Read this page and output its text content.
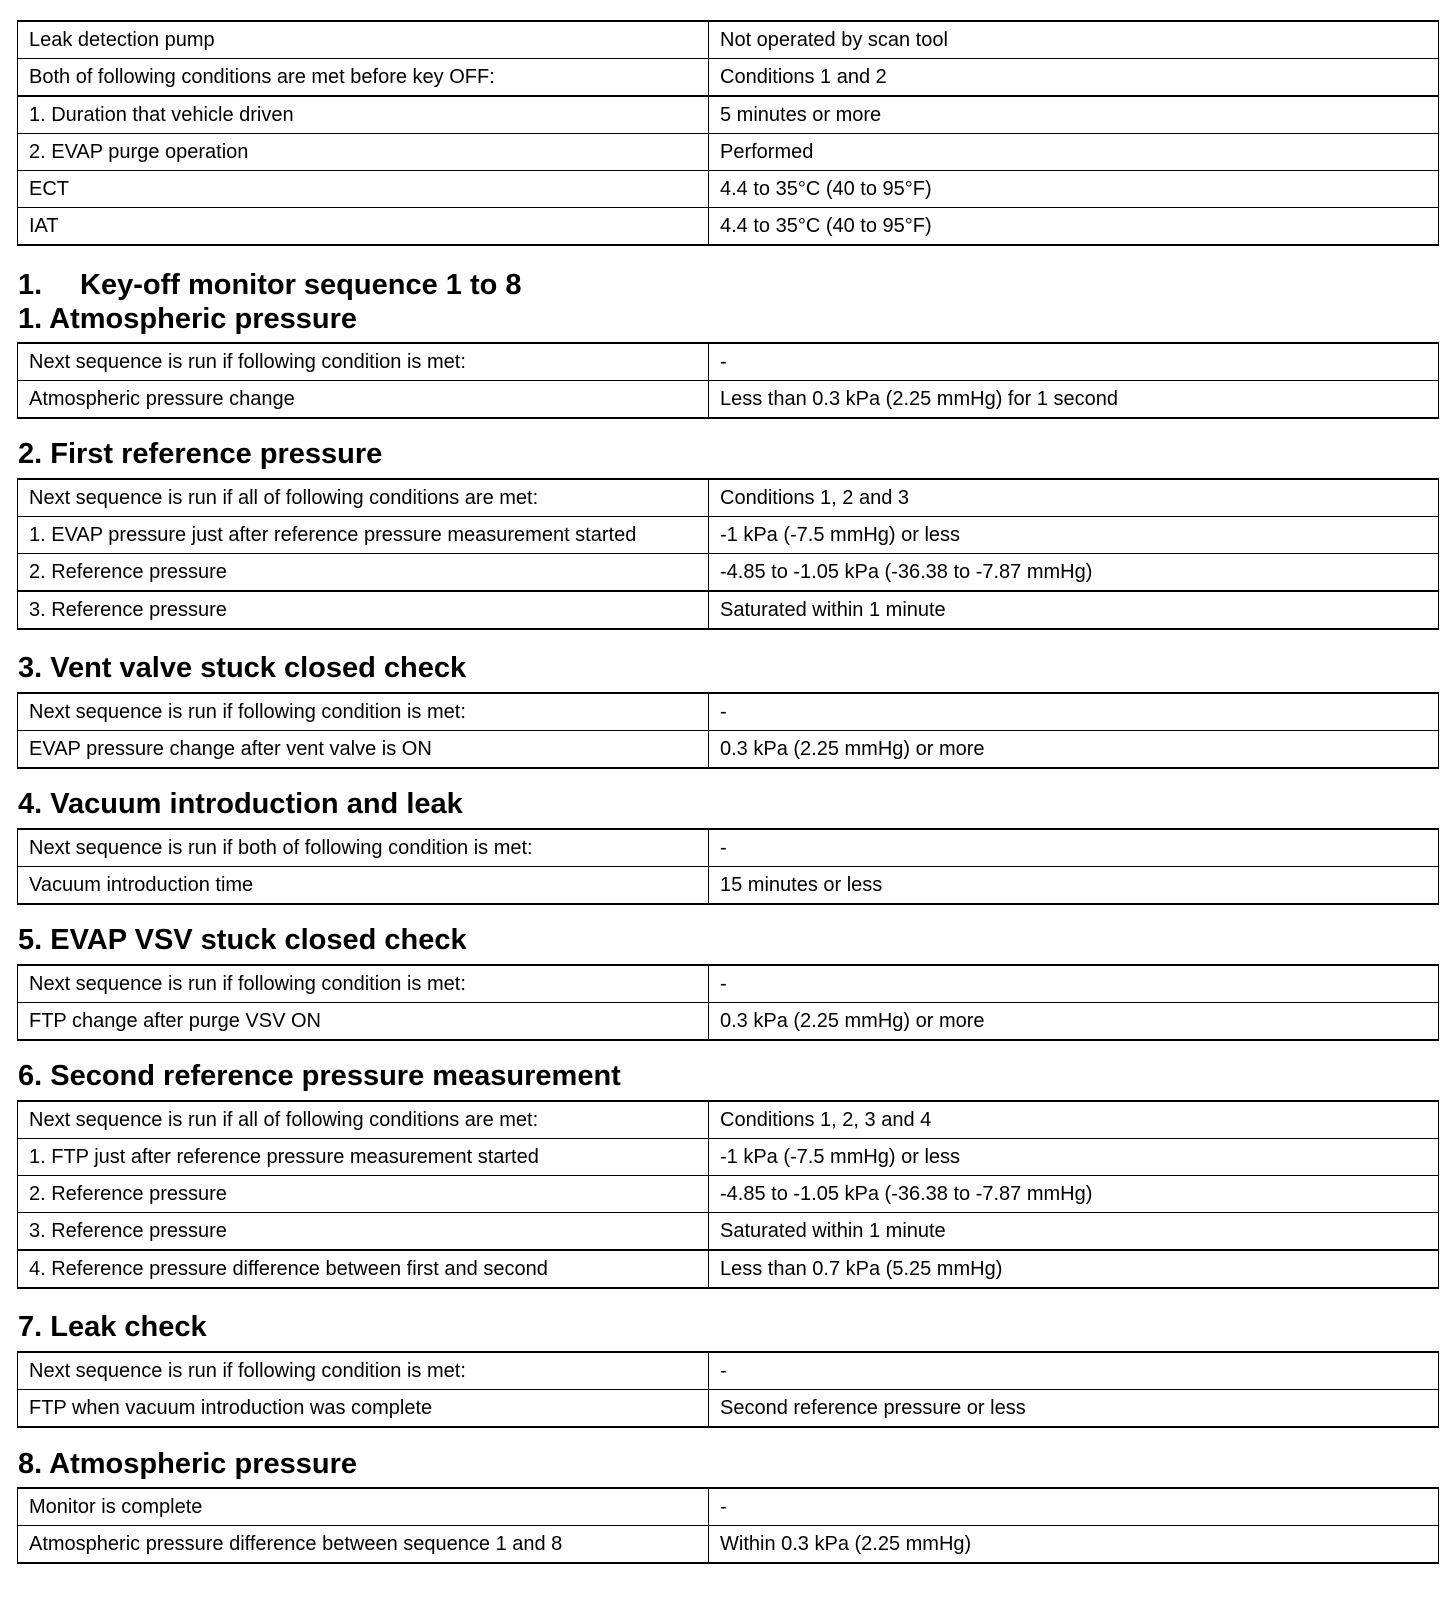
Leak detection pump	Not operated by scan tool
Both of following conditions are met before key OFF:	Conditions 1 and 2
1. Duration that vehicle driven	5 minutes or more
2. EVAP purge operation	Performed
ECT	4.4 to 35°C (40 to 95°F)
IAT	4.4 to 35°C (40 to 95°F)
1. Key-off monitor sequence 1 to 8
1. Atmospheric pressure
Next sequence is run if following condition is met:	-
Atmospheric pressure change	Less than 0.3 kPa (2.25 mmHg) for 1 second
2. First reference pressure
Next sequence is run if all of following conditions are met:	Conditions 1, 2 and 3
1. EVAP pressure just after reference pressure measurement started	-1 kPa (-7.5 mmHg) or less
2. Reference pressure	-4.85 to -1.05 kPa (-36.38 to -7.87 mmHg)
3. Reference pressure	Saturated within 1 minute
3. Vent valve stuck closed check
Next sequence is run if following condition is met:	-
EVAP pressure change after vent valve is ON	0.3 kPa (2.25 mmHg) or more
4. Vacuum introduction and leak
Next sequence is run if both of following condition is met:	-
Vacuum introduction time	15 minutes or less
5. EVAP VSV stuck closed check
Next sequence is run if following condition is met:	-
FTP change after purge VSV ON	0.3 kPa (2.25 mmHg) or more
6. Second reference pressure measurement
Next sequence is run if all of following conditions are met:	Conditions 1, 2, 3 and 4
1. FTP just after reference pressure measurement started	-1 kPa (-7.5 mmHg) or less
2. Reference pressure	-4.85 to -1.05 kPa (-36.38 to -7.87 mmHg)
3. Reference pressure	Saturated within 1 minute
4. Reference pressure difference between first and second	Less than 0.7 kPa (5.25 mmHg)
7. Leak check
Next sequence is run if following condition is met:	-
FTP when vacuum introduction was complete	Second reference pressure or less
8. Atmospheric pressure
Monitor is complete	-
Atmospheric pressure difference between sequence 1 and 8	Within 0.3 kPa (2.25 mmHg)
